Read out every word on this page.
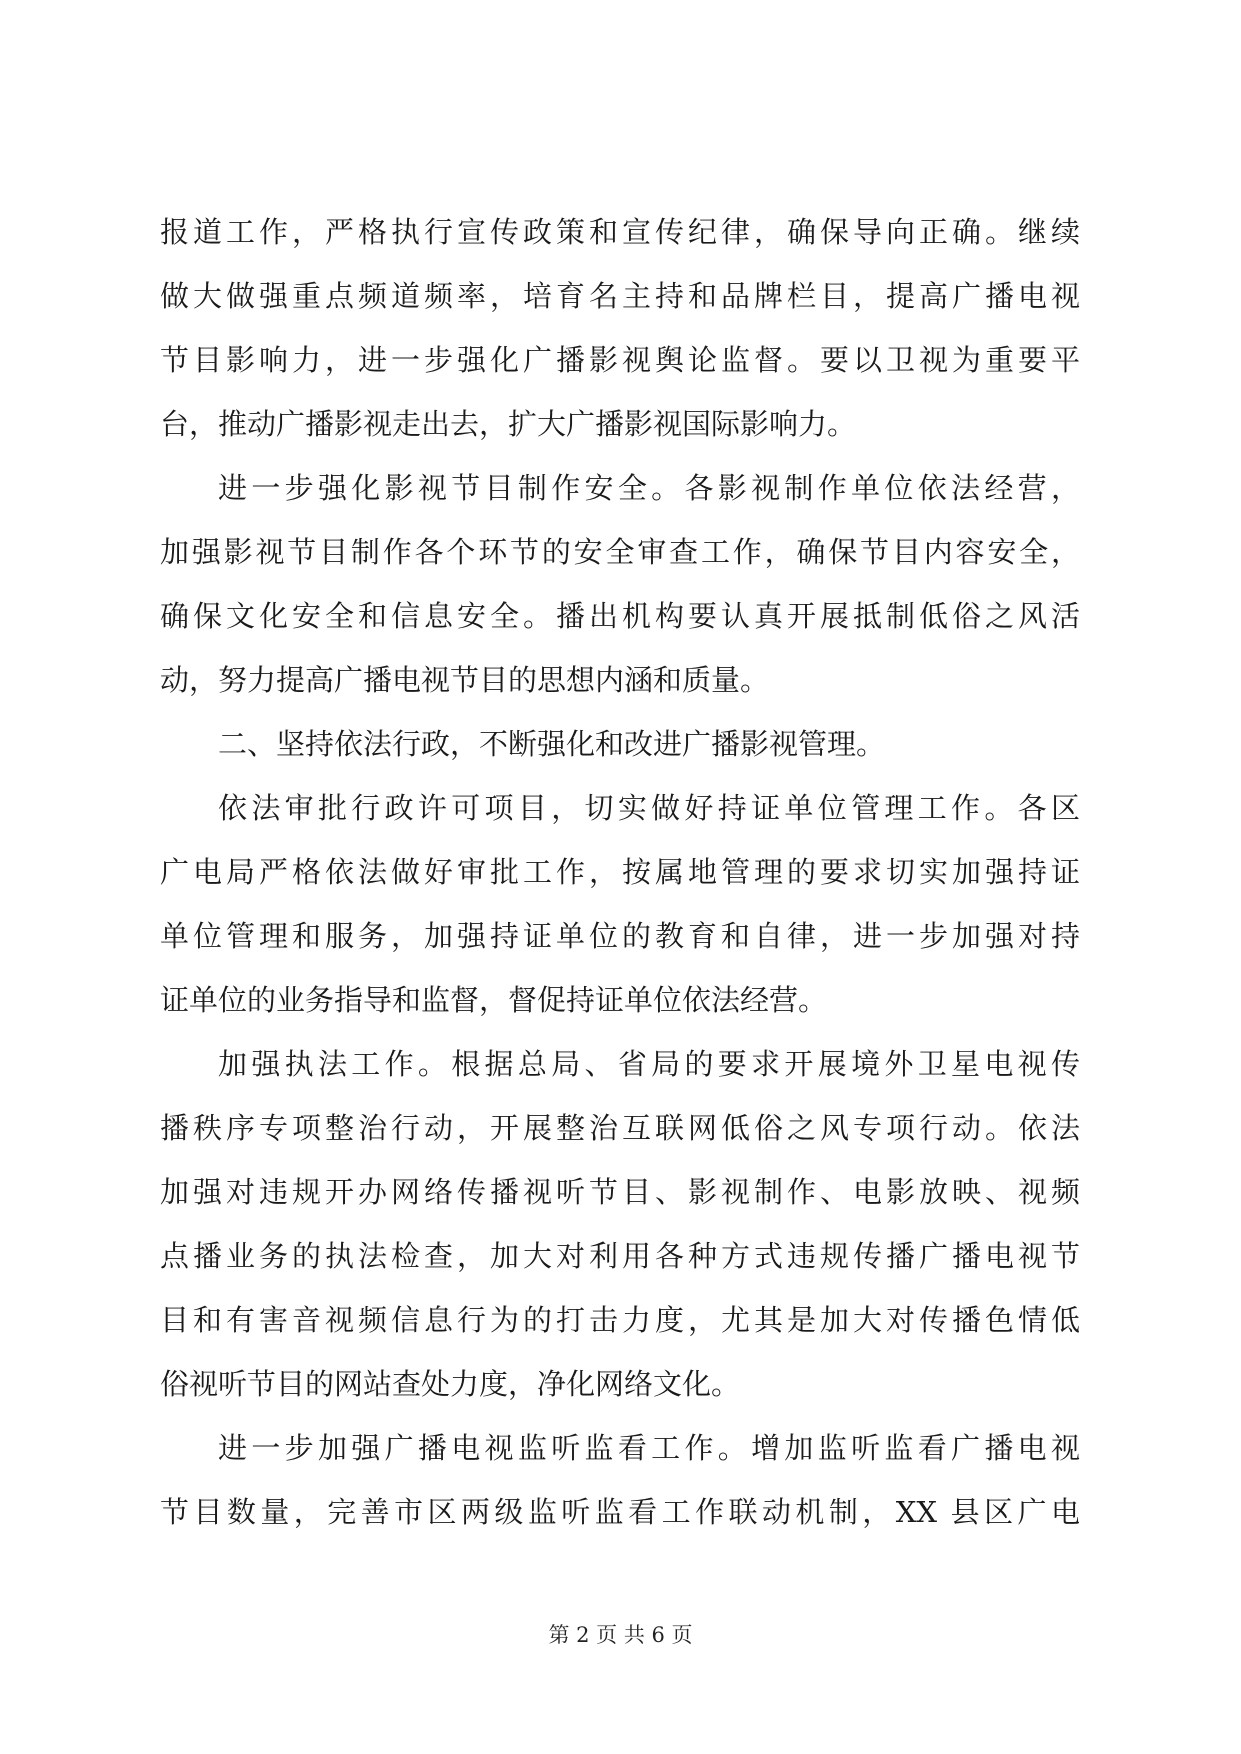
报道工作，严格执行宣传政策和宣传纪律，确保导向正确。继续
做大做强重点频道频率，培育名主持和品牌栏目，提高广播电视
节目影响力，进一步强化广播影视舆论监督。要以卫视为重要平
台，推动广播影视走出去，扩大广播影视国际影响力。
进一步强化影视节目制作安全。各影视制作单位依法经营，
加强影视节目制作各个环节的安全审查工作，确保节目内容安全，
确保文化安全和信息安全。播出机构要认真开展抵制低俗之风活
动，努力提高广播电视节目的思想内涵和质量。
二、坚持依法行政，不断强化和改进广播影视管理。
依法审批行政许可项目，切实做好持证单位管理工作。各区
广电局严格依法做好审批工作，按属地管理的要求切实加强持证
单位管理和服务，加强持证单位的教育和自律，进一步加强对持
证单位的业务指导和监督，督促持证单位依法经营。
加强执法工作。根据总局、省局的要求开展境外卫星电视传
播秩序专项整治行动，开展整治互联网低俗之风专项行动。依法
加强对违规开办网络传播视听节目、影视制作、电影放映、视频
点播业务的执法检查，加大对利用各种方式违规传播广播电视节
目和有害音视频信息行为的打击力度，尤其是加大对传播色情低
俗视听节目的网站查处力度，净化网络文化。
进一步加强广播电视监听监看工作。增加监听监看广播电视
节目数量，完善市区两级监听监看工作联动机制，XX 县区广电
第 2 页 共 6 页
